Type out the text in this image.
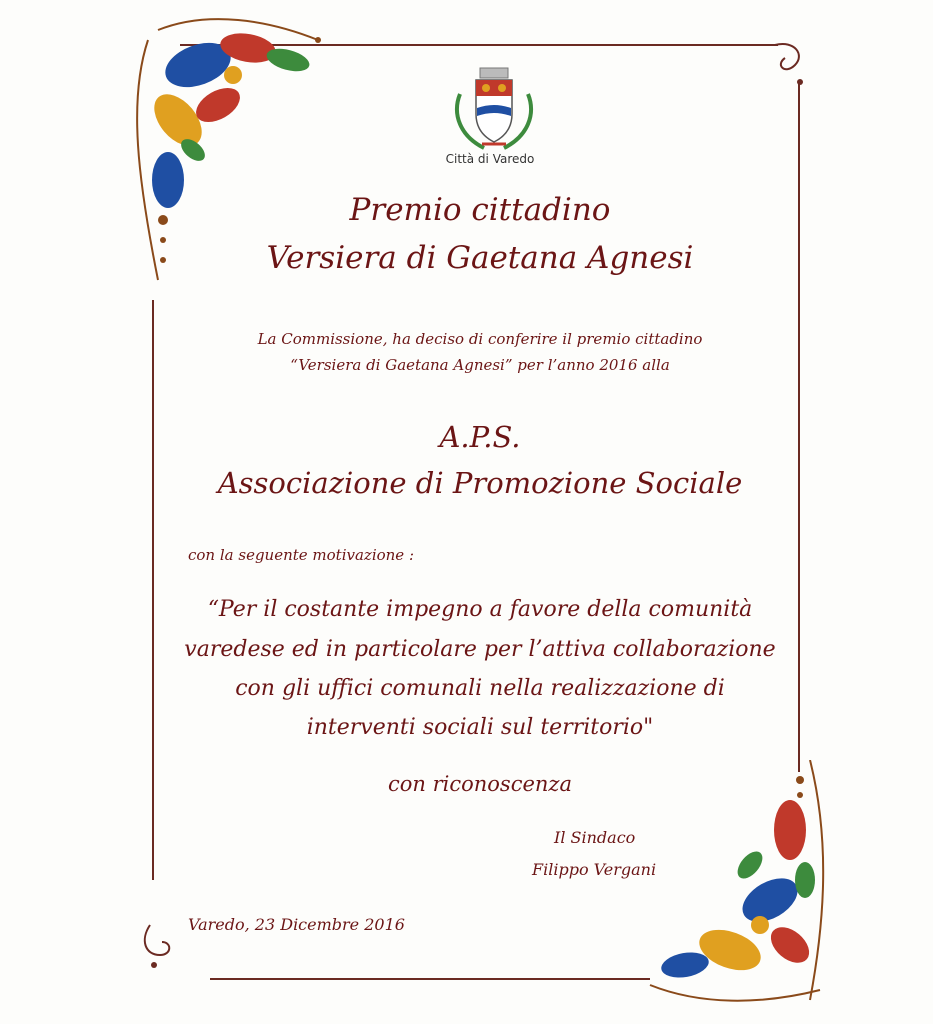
Città di Varedo
Premio cittadino
Versiera di Gaetana Agnesi
La Commissione, ha deciso di conferire il premio cittadino
“Versiera di Gaetana Agnesi” per l’anno 2016 alla
A.P.S.
Associazione di Promozione Sociale
con la seguente motivazione :
“Per il costante impegno a favore della comunità
varedese ed in particolare per l’attiva collaborazione
con gli uffici comunali nella realizzazione di
interventi sociali sul territorio"
con riconoscenza
Il Sindaco
Filippo Vergani
Varedo, 23 Dicembre 2016
